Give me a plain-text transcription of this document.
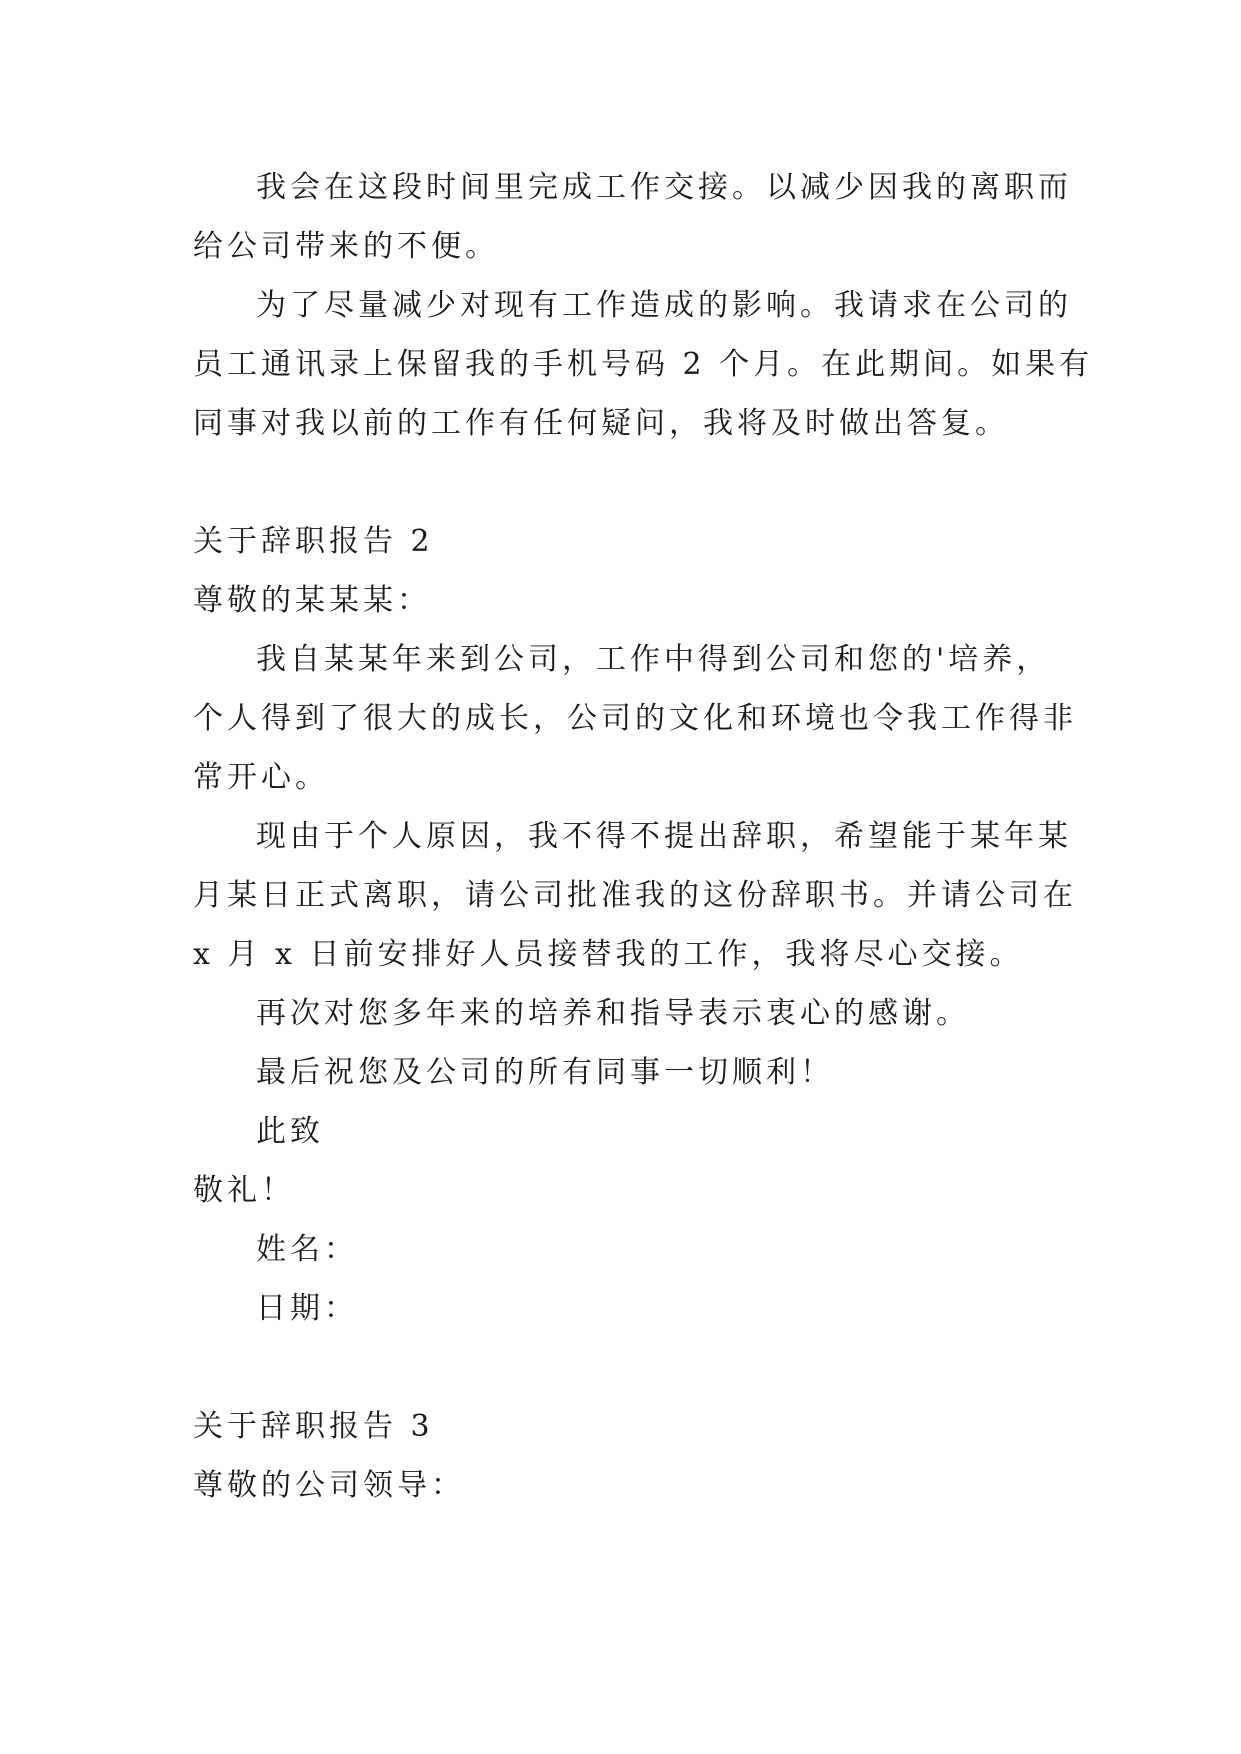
我会在这段时间里完成工作交接。以减少因我的离职而
给公司带来的不便。
为了尽量减少对现有工作造成的影响。我请求在公司的
员工通讯录上保留我的手机号码 2 个月。在此期间。如果有
同事对我以前的工作有任何疑问，我将及时做出答复。
关于辞职报告 2
尊敬的某某某：
我自某某年来到公司，工作中得到公司和您的'培养，
个人得到了很大的成长，公司的文化和环境也令我工作得非
常开心。
现由于个人原因，我不得不提出辞职，希望能于某年某
月某日正式离职，请公司批准我的这份辞职书。并请公司在
x 月 x 日前安排好人员接替我的工作，我将尽心交接。
再次对您多年来的培养和指导表示衷心的感谢。
最后祝您及公司的所有同事一切顺利！
此致
敬礼！
姓名：
日期：
关于辞职报告 3
尊敬的公司领导：
